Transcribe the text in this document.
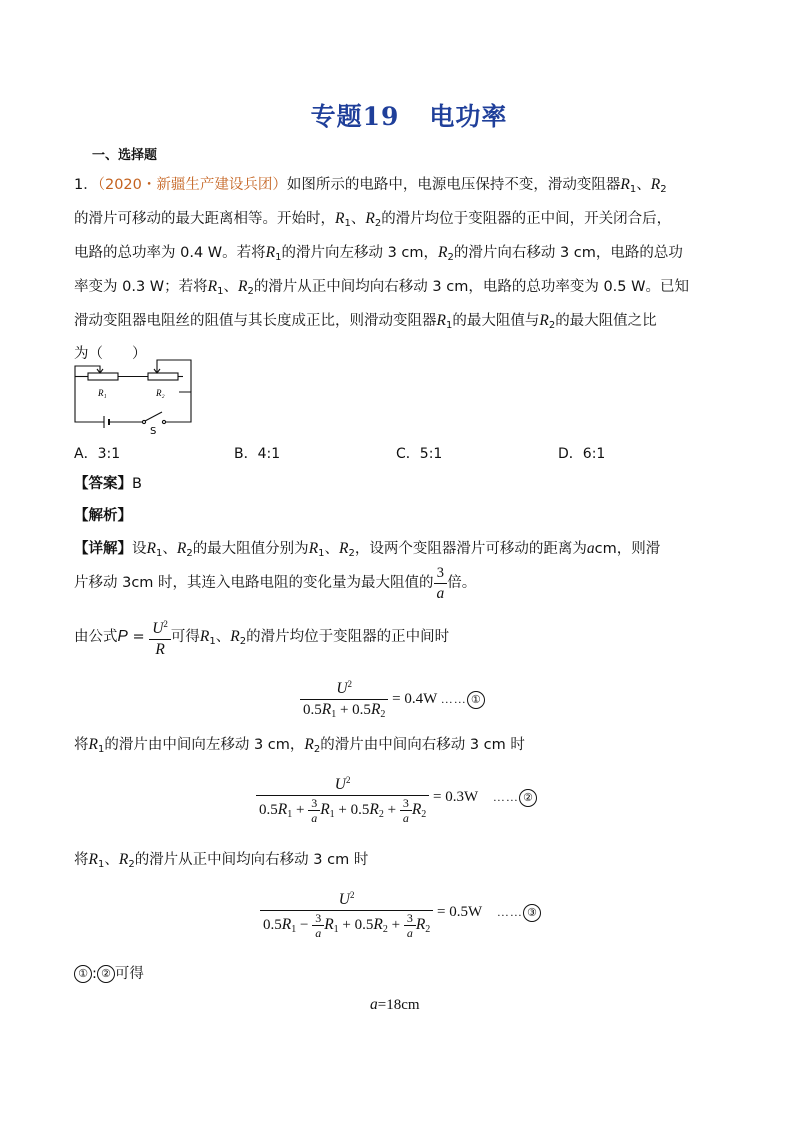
专题19 电功率
一、选择题
1．（2020・新疆生产建设兵团）如图所示的电路中，电源电压保持不变，滑动变阻器$R_1$、$R_2$
的滑片可移动的最大距离相等。开始时，$R_1$、$R_2$的滑片均位于变阻器的正中间，开关闭合后，
电路的总功率为 0.4 W。若将$R_1$的滑片向左移动 3 cm，$R_2$的滑片向右移动 3 cm，电路的总功
率变为 0.3 W；若将$R_1$、$R_2$的滑片从正中间均向右移动 3 cm，电路的总功率变为 0.5 W。已知
滑动变阻器电阻丝的阻值与其长度成正比，则滑动变阻器$R_1$的最大阻值与$R_2$的最大阻值之比
为（　　）
R₁	R₂
S
A．3:1	B．4:1	C．5:1	D．6:1
【答案】B
【解析】
【详解】设$R_1$、$R_2$的最大阻值分别为$R_1$、$R_2$，设两个变阻器滑片可移动的距离为acm，则滑
片移动 3cm 时，其连入电路电阻的变化量为最大阻值的 $\frac{3}{a}$ 倍。
由公式$P = \frac{U^2}{R}$ 可得$R_1$、$R_2$的滑片均位于变阻器的正中间时
$\frac{U^2}{0.5R_1 + 0.5R_2} = 0.4W$ …… ①
将$R_1$的滑片由中间向左移动 3 cm，$R_2$的滑片由中间向右移动 3 cm 时
$\frac{U^2}{0.5R_1 + \frac{3}{a} R_1 + 0.5R_2 + \frac{3}{a} R_2} = 0.3W$ …… ②
将$R_1$、$R_2$的滑片从正中间均向右移动 3 cm 时
$\frac{U^2}{0.5R_1 - \frac{3}{a} R_1 + 0.5R_2 + \frac{3}{a} R_2} = 0.5W$ …… ③
① : ② 可得
a=18cm
